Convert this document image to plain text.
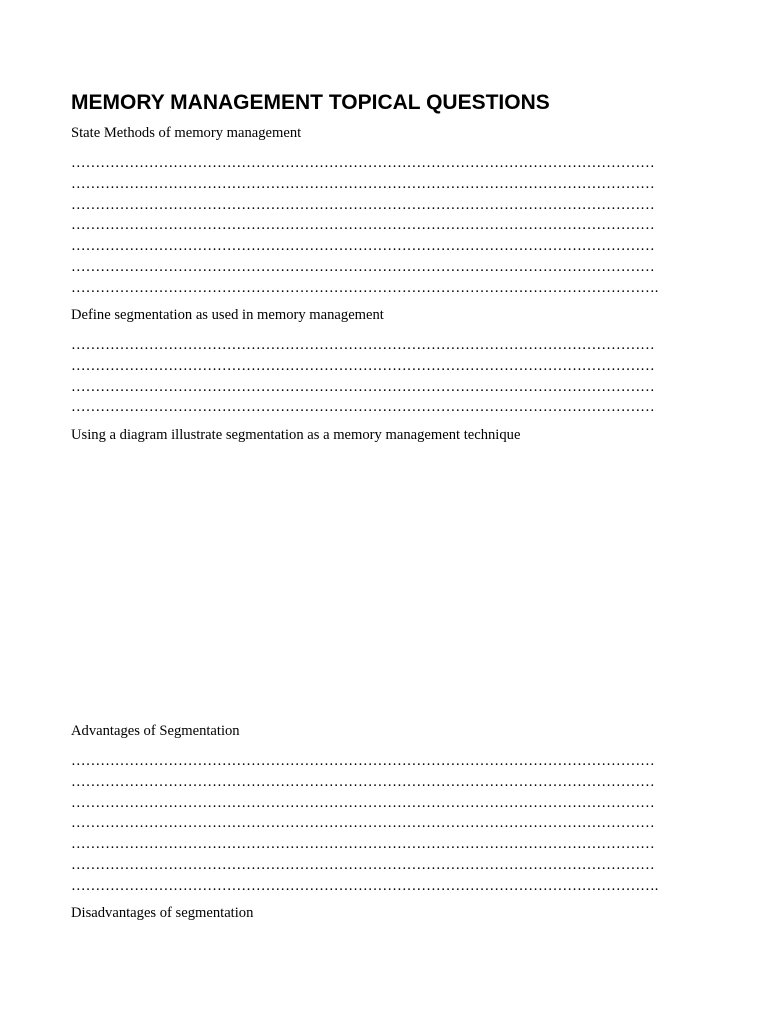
MEMORY MANAGEMENT TOPICAL QUESTIONS
State Methods of memory management
…………………………………………………………………………………………………………
…………………………………………………………………………………………………………
…………………………………………………………………………………………………………
…………………………………………………………………………………………………………
…………………………………………………………………………………………………………
…………………………………………………………………………………………………………
………………………………………………………………………………………………………….
Define segmentation as used in memory management
…………………………………………………………………………………………………………
…………………………………………………………………………………………………………
…………………………………………………………………………………………………………
…………………………………………………………………………………………………………
Using a diagram illustrate segmentation as a memory management technique
Advantages of Segmentation
…………………………………………………………………………………………………………
…………………………………………………………………………………………………………
…………………………………………………………………………………………………………
…………………………………………………………………………………………………………
…………………………………………………………………………………………………………
…………………………………………………………………………………………………………
………………………………………………………………………………………………………….
Disadvantages of segmentation
